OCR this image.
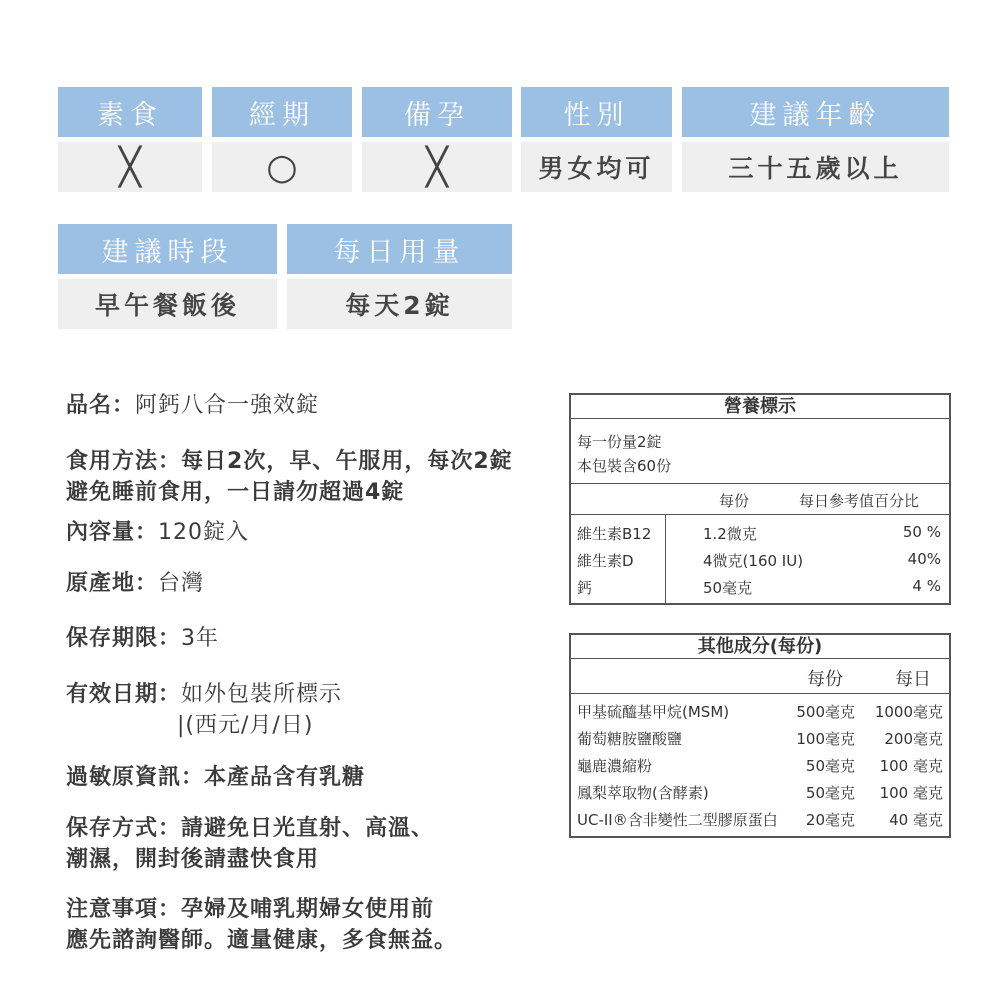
素食	經期	備孕	性別	建議年齡
╳	○	╳	男女均可	三十五歲以上
建議時段	每日用量
早午餐飯後	每天2錠
品名：阿鈣八合一強效錠
食用方法：每日2次，早、午服用，每次2錠
避免睡前食用，一日請勿超過4錠
內容量：120錠入
原產地：台灣
保存期限：3年
有效日期：如外包裝所標示
|(西元/月/日)
過敏原資訊：本產品含有乳糖
保存方式：請避免日光直射、高溫、
潮濕，開封後請盡快食用
注意事項：孕婦及哺乳期婦女使用前
應先諮詢醫師。適量健康，多食無益。
營養標示
每一份量2錠
本包裝含60份
每份	每日參考值百分比
維生素B12	1.2微克	50 %
維生素D	4微克(160 IU)	40%
鈣	50毫克	4 %
其他成分(每份)
每份	每日
甲基硫醯基甲烷(MSM)	500毫克 1000毫克
葡萄糖胺鹽酸鹽	100毫克 200毫克
龜鹿濃縮粉	50毫克 100 毫克
鳳梨萃取物(含酵素)	50毫克 100 毫克
UC-II®含非變性二型膠原蛋白 20毫克 40 毫克
